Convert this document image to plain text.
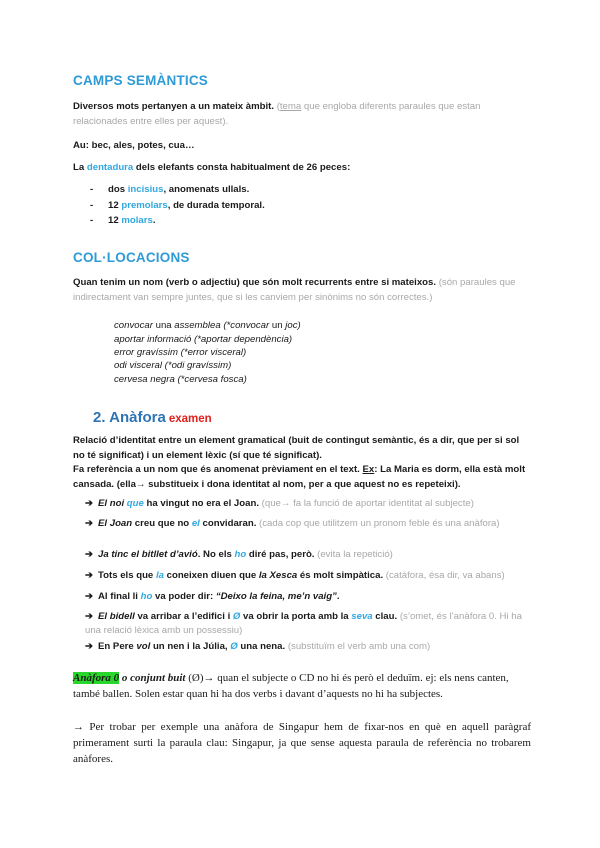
CAMPS SEMÀNTICS
Diversos mots pertanyen a un mateix àmbit. (tema que engloba diferents paraules que estan relacionades entre elles per aquest).
Au: bec, ales, potes, cua…
La dentadura dels elefants consta habitualment de 26 peces:
- dos incisius, anomenats ullals.
- 12 premolars, de durada temporal.
- 12 molars.
COL·LOCACIONS
Quan tenim un nom (verb o adjectiu) que són molt recurrents entre si mateixos. (són paraules que indirectament van sempre juntes, que si les canviem per sinònims no són correctes.)
convocar una assemblea (*convocar un joc)
aportar informació (*aportar dependència)
error gravíssim (*error visceral)
odi visceral (*odi gravíssim)
cervesa negra (*cervesa fosca)
2. Anàfora examen
Relació d’identitat entre un element gramatical (buit de contingut semàntic, és a dir, que per si sol no té significat) i un element lèxic (sí que té significat).
Fa referència a un nom que és anomenat prèviament en el text. Ex: La Maria es dorm, ella està molt cansada. (ella→ substitueix i dona identitat al nom, per a que aquest no es repeteixi).
➔ El noi que ha vingut no era el Joan. (que→ fa la funció de aportar identitat al subjecte)
➔ El Joan creu que no el convidaran. (cada cop que utilitzem un pronom feble és una anàfora)
➔ Ja tinc el bitllet d’avió. No els ho diré pas, però. (evita la repetició)
➔ Tots els que la coneixen diuen que la Xesca és molt simpàtica. (catàfora, ésa dir, va abans)
➔ Al final li ho va poder dir: “Deixo la feina, me’n vaig”.
➔ El bidell va arribar a l’edifici i Ø va obrir la porta amb la seva clau. (s’omet, és l’anàfora 0. Hi ha una relació lèxica amb un possessiu)
➔ En Pere vol un nen i la Júlia, Ø una nena. (substituïm el verb amb una com)
Anàfora 0 o conjunt buit (Ø)→ quan el subjecte o CD no hi és però el deduïm. ej: els nens canten, també ballen. Solen estar quan hi ha dos verbs i davant d’aquests no hi ha subjectes.
→ Per trobar per exemple una anàfora de Singapur hem de fixar-nos en què en aquell paràgraf primerament surti la paraula clau: Singapur, ja que sense aquesta paraula de referència no trobarem anàfores.
